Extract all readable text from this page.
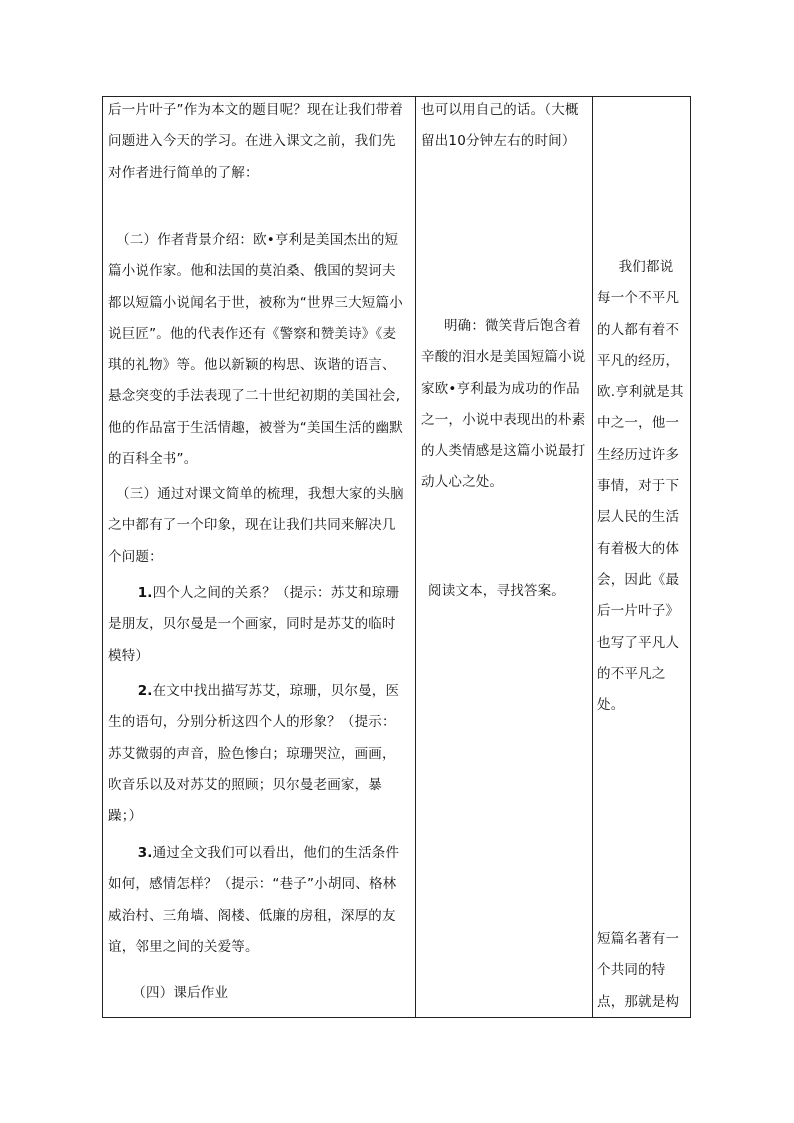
后一片叶子”作为本文的题目呢？现在让我们带着问题进入今天的学习。在进入课文之前，我们先对作者进行简单的了解：

（二）作者背景介绍：欧•亨利是美国杰出的短篇小说作家。他和法国的莫泊桑、俄国的契诃夫都以短篇小说闻名于世，被称为“世界三大短篇小说巨匠”。他的代表作还有《警察和赞美诗》《麦琪的礼物》等。他以新颖的构思、诙谐的语言、悬念突变的手法表现了二十世纪初期的美国社会,他的作品富于生活情趣，被誉为“美国生活的幽默的百科全书”。

（三）通过对课文简单的梳理，我想大家的头脑之中都有了一个印象，现在让我们共同来解决几个问题：

1.四个人之间的关系？（提示：苏艾和琼珊是朋友，贝尔曼是一个画家，同时是苏艾的临时模特）

2.在文中找出描写苏艾，琼珊，贝尔曼，医生的语句，分别分析这四个人的形象？（提示：苏艾微弱的声音，脸色惨白；琼珊哭泣，画画，吹音乐以及对苏艾的照顾；贝尔曼老画家，暴躁；）

3.通过全文我们可以看出，他们的生活条件如何，感情怎样？（提示：“巷子”小胡同、格林威治村、三角墙、阁楼、低廉的房租，深厚的友谊，邻里之间的关爱等。

（四）课后作业

也可以用自己的话。（大概留出10分钟左右的时间）
明确：微笑背后饱含着辛酸的泪水是美国短篇小说家欧•亨利最为成功的作品之一，小说中表现出的朴素的人类情感是这篇小说最打动人心之处。
阅读文本，寻找答案。
我们都说每一个不平凡的人都有着不平凡的经历，欧.亨利就是其中之一，他一生经历过许多事情，对于下层人民的生活有着极大的体会，因此《最后一片叶子》也写了平凡人的不平凡之处。
短篇名著有一个共同的特点，那就是构
